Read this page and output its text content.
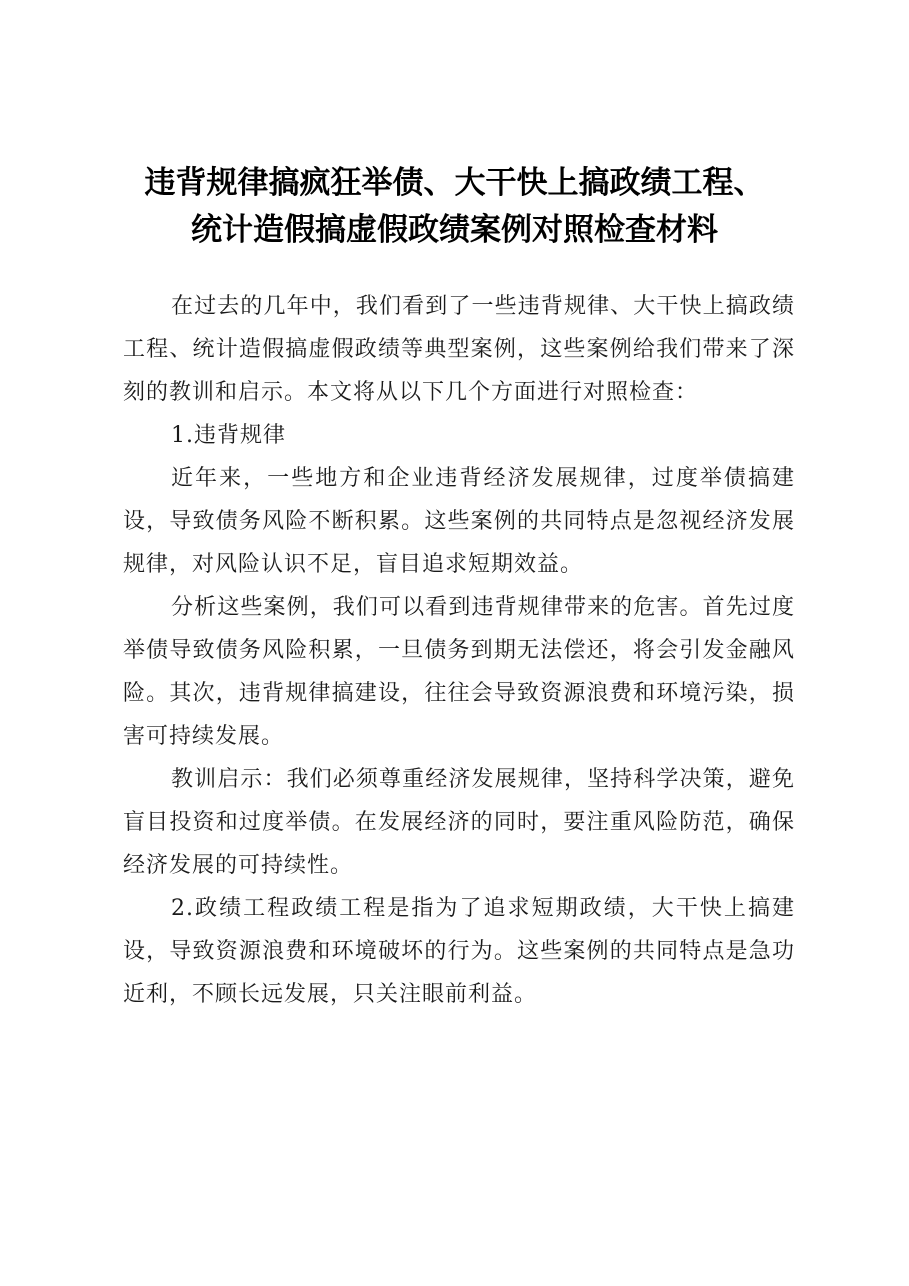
违背规律搞疯狂举债、大干快上搞政绩工程、
统计造假搞虚假政绩案例对照检查材料

在过去的几年中，我们看到了一些违背规律、大干快上搞政绩工程、统计造假搞虚假政绩等典型案例，这些案例给我们带来了深刻的教训和启示。本文将从以下几个方面进行对照检查：

1.违背规律

近年来，一些地方和企业违背经济发展规律，过度举债搞建设，导致债务风险不断积累。这些案例的共同特点是忽视经济发展规律，对风险认识不足，盲目追求短期效益。

分析这些案例，我们可以看到违背规律带来的危害。首先过度举债导致债务风险积累，一旦债务到期无法偿还，将会引发金融风险。其次，违背规律搞建设，往往会导致资源浪费和环境污染，损害可持续发展。

教训启示：我们必须尊重经济发展规律，坚持科学决策，避免盲目投资和过度举债。在发展经济的同时，要注重风险防范，确保经济发展的可持续性。

2.政绩工程政绩工程是指为了追求短期政绩，大干快上搞建设，导致资源浪费和环境破坏的行为。这些案例的共同特点是急功近利，不顾长远发展，只关注眼前利益。
